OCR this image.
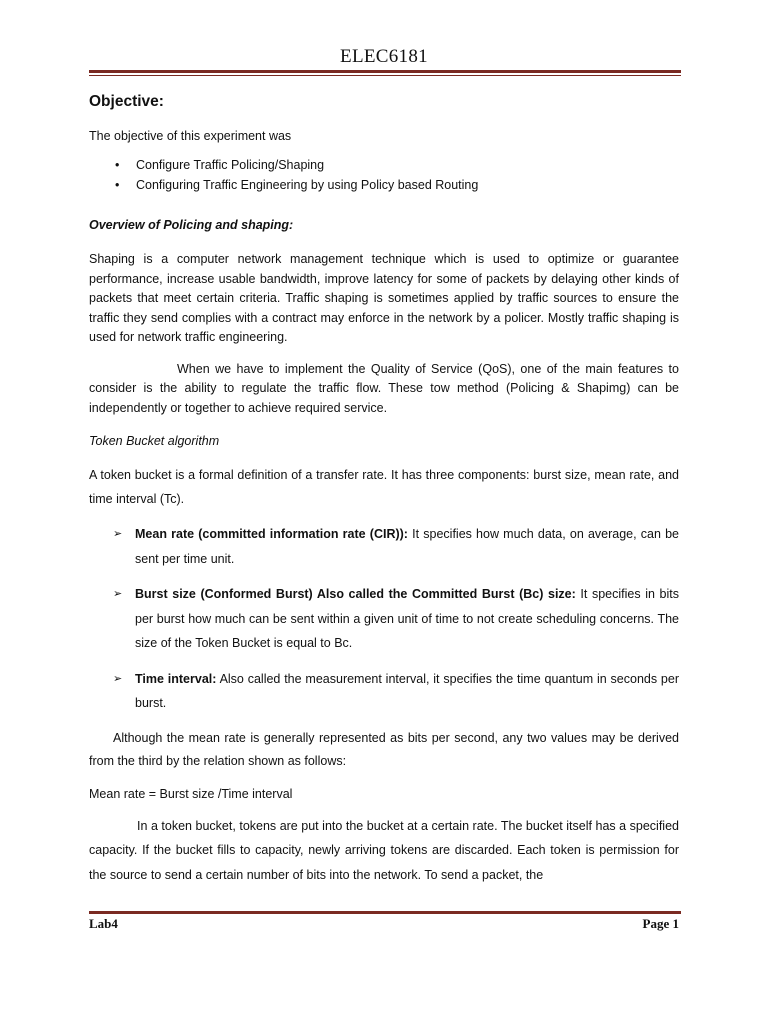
ELEC6181
Objective:

The objective of this experiment was

• Configure Traffic Policing/Shaping
• Configuring Traffic Engineering by using Policy based Routing

Overview of Policing and shaping:

Shaping is a computer network management technique which is used to optimize or guarantee performance, increase usable bandwidth, improve latency for some of packets by delaying other kinds of packets that meet certain criteria. Traffic shaping is sometimes applied by traffic sources to ensure the traffic they send complies with a contract may enforce in the network by a policer. Mostly traffic shaping is used for network traffic engineering.

When we have to implement the Quality of Service (QoS), one of the main features to consider is the ability to regulate the traffic flow. These tow method (Policing & Shapimg) can be independently or together to achieve required service.

Token Bucket algorithm

A token bucket is a formal definition of a transfer rate. It has three components: burst size, mean rate, and time interval (Tc).

➢ Mean rate (committed information rate (CIR)): It specifies how much data, on average, can be sent per time unit.
➢ Burst size (Conformed Burst) Also called the Committed Burst (Bc) size: It specifies in bits per burst how much can be sent within a given unit of time to not create scheduling concerns. The size of the Token Bucket is equal to Bc.
➢ Time interval: Also called the measurement interval, it specifies the time quantum in seconds per burst.

Although the mean rate is generally represented as bits per second, any two values may be derived from the third by the relation shown as follows:

Mean rate = Burst size /Time interval

In a token bucket, tokens are put into the bucket at a certain rate. The bucket itself has a specified capacity. If the bucket fills to capacity, newly arriving tokens are discarded. Each token is permission for the source to send a certain number of bits into the network. To send a packet, the

Lab4	Page 1
